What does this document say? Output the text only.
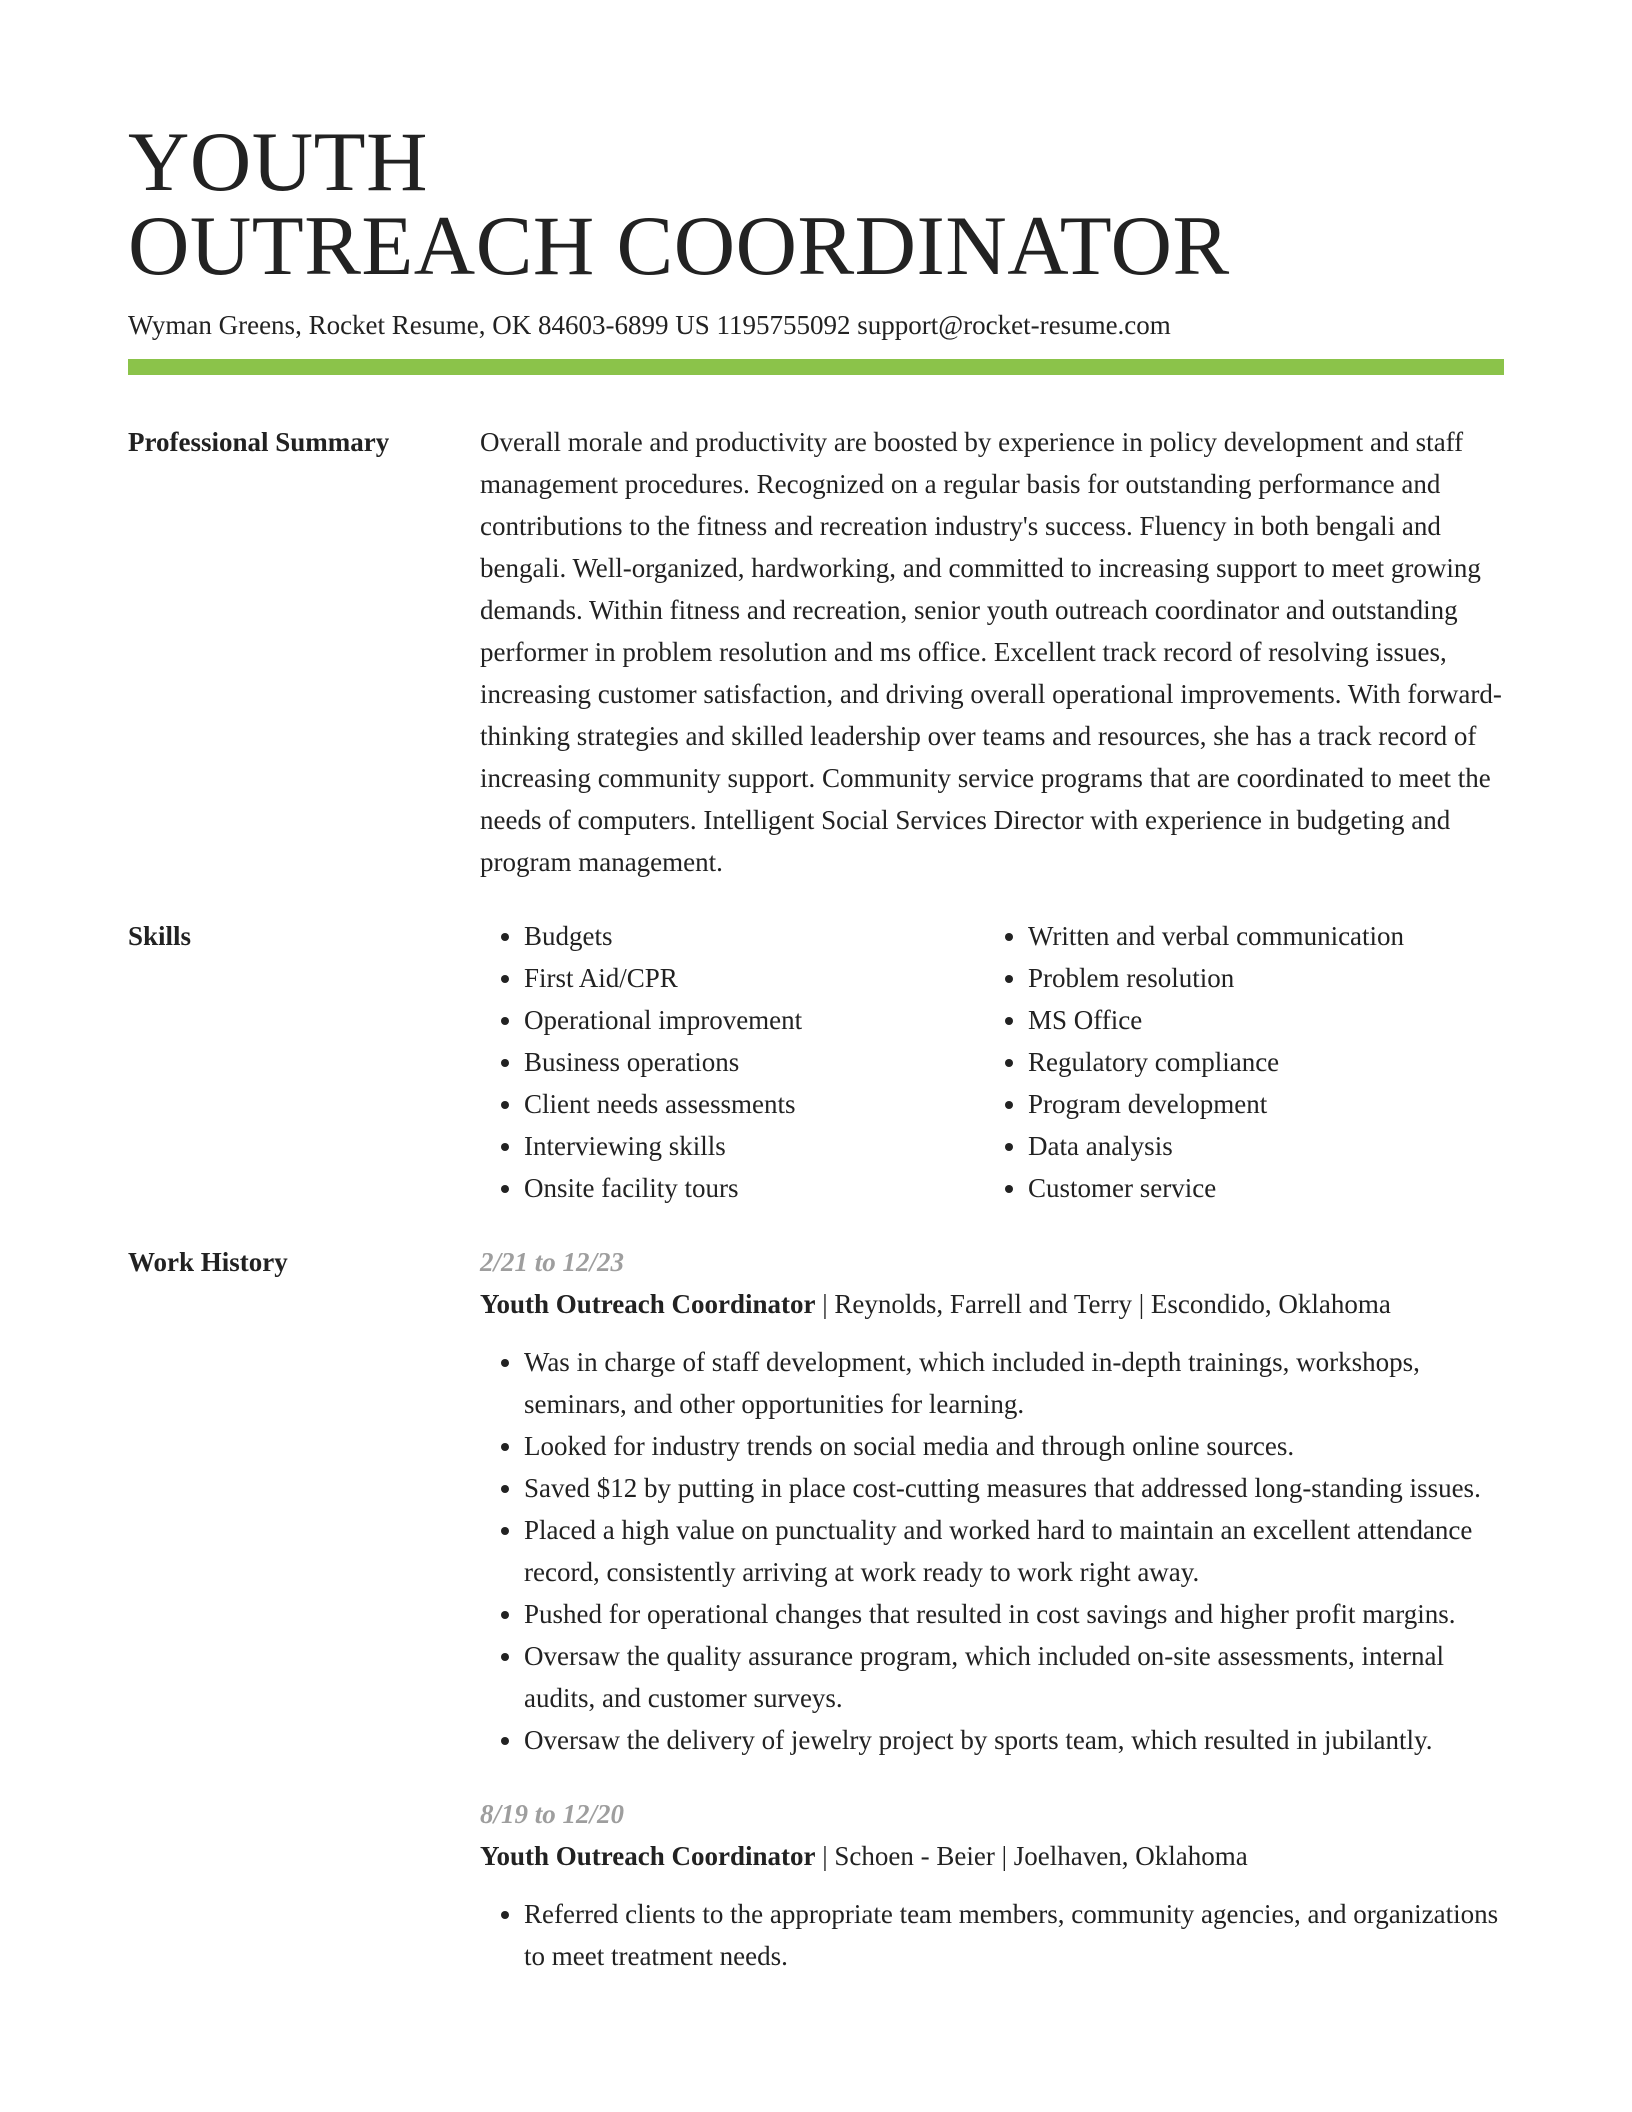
YOUTH
OUTREACH COORDINATOR
Wyman Greens, Rocket Resume, OK 84603-6899 US 1195755092 support@rocket-resume.com
Professional Summary	Overall morale and productivity are boosted by experience in policy development and staff management procedures. Recognized on a regular basis for outstanding performance and contributions to the fitness and recreation industry's success. Fluency in both bengali and bengali. Well-organized, hardworking, and committed to increasing support to meet growing demands. Within fitness and recreation, senior youth outreach coordinator and outstanding performer in problem resolution and ms office. Excellent track record of resolving issues, increasing customer satisfaction, and driving overall operational improvements. With forward-thinking strategies and skilled leadership over teams and resources, she has a track record of increasing community support. Community service programs that are coordinated to meet the needs of computers. Intelligent Social Services Director with experience in budgeting and program management.

Skills
•	Budgets
• First Aid/CPR
• Operational improvement
• Business operations
• Client needs assessments
• Interviewing skills
• Onsite facility tours
• Written and verbal communication
• Problem resolution
• MS Office
• Regulatory compliance
• Program development
• Data analysis
• Customer service
Work History	2/21 to 12/23

Youth Outreach Coordinator | Reynolds, Farrell and Terry | Escondido, Oklahoma

• Was in charge of staff development, which included in-depth trainings, workshops, seminars, and other opportunities for learning.
• Looked for industry trends on social media and through online sources.
• Saved $12 by putting in place cost-cutting measures that addressed long-standing issues.
• Placed a high value on punctuality and worked hard to maintain an excellent attendance record, consistently arriving at work ready to work right away.
• Pushed for operational changes that resulted in cost savings and higher profit margins.
• Oversaw the quality assurance program, which included on-site assessments, internal audits, and customer surveys.
• Oversaw the delivery of jewelry project by sports team, which resulted in jubilantly.
8/19 to 12/20

Youth Outreach Coordinator | Schoen - Beier | Joelhaven, Oklahoma

• Referred clients to the appropriate team members, community agencies, and organizations to meet treatment needs.
